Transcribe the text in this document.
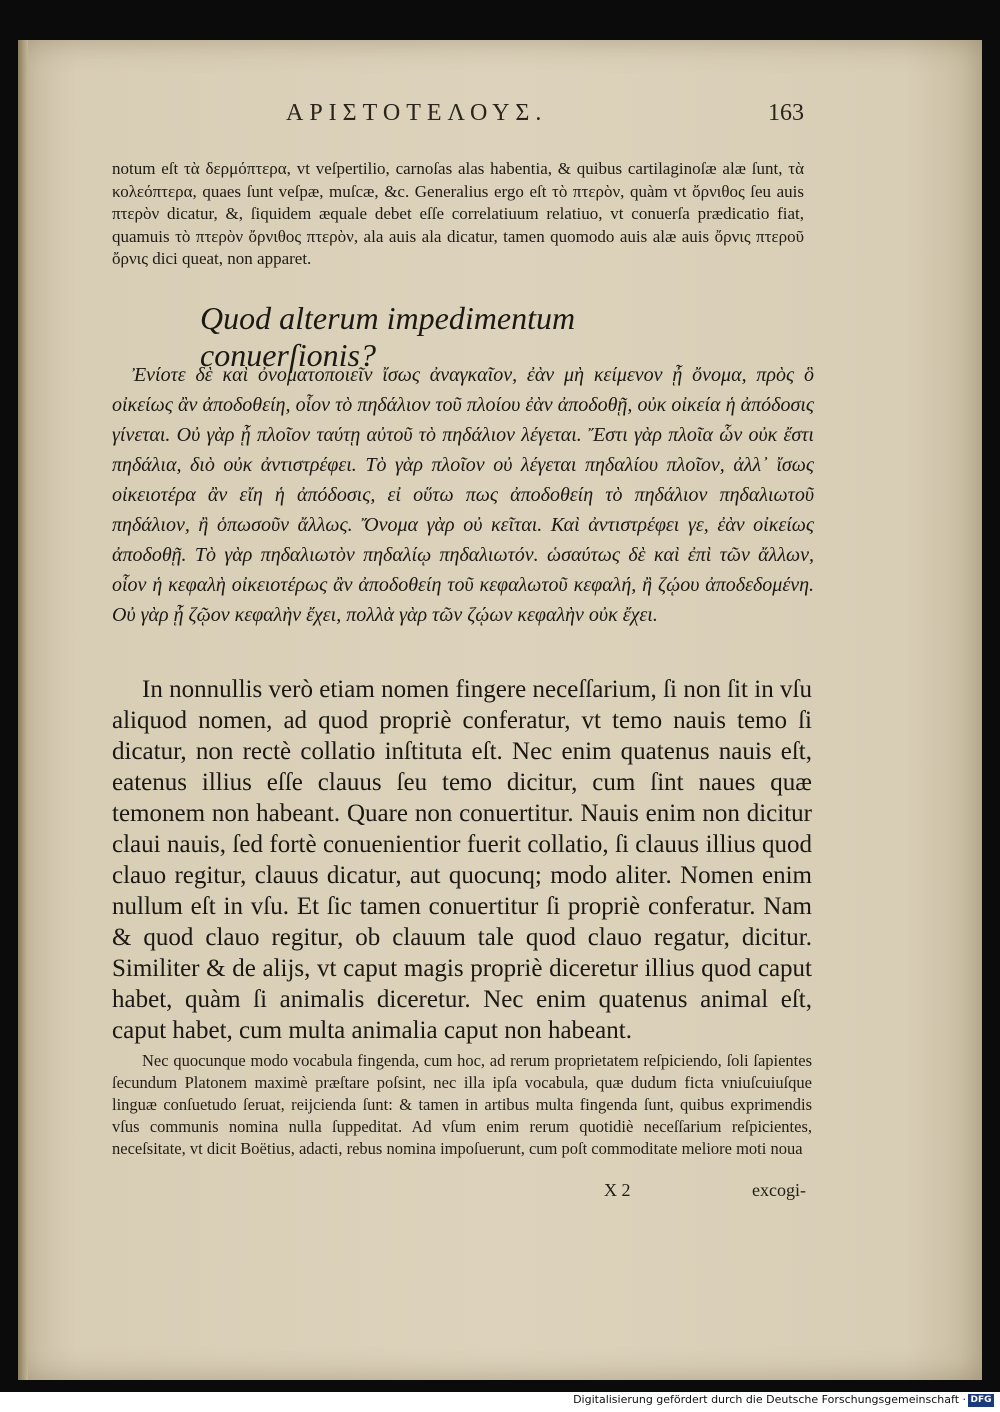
ΑΡΙΣΤΟΤΕΛΟΥΣ.	163
notum eſt τὰ δερμόπτερα, vt veſpertilio, carnoſas alas habentia, & quibus cartilaginoſæ alæ ſunt, τὰ κολεόπτερα, quaes ſunt veſpæ, muſcæ, &c. Generalius ergo eſt τὸ πτερὸν, quàm vt ὄρνιθος ſeu auis πτερὸν dicatur, &, ſiquidem æquale debet eſſe correlatiuum relatiuo, vt conuerſa prædicatio fiat, quamuis τὸ πτερὸν ὄρνιθος πτερὸν, ala auis ala dicatur, tamen quomodo auis alæ auis ὄρνις πτεροῦ ὄρνις dici queat, non apparet.
Quod alterum impedimentum conuerſionis?

Ἐνίοτε δὲ καὶ ὀνοματοποιεῖν ἴσως ἀναγκαῖον, ἐὰν μὴ κείμενον ᾖ ὄνομα, πρὸς ὃ οἰκείως ἂν ἀποδοθείη, οἷον τὸ πηδάλιον τοῦ πλοίου ἐὰν ἀποδοθῇ, οὐκ οἰκεία ἡ ἀπόδοσις γίνεται. Οὐ γὰρ ᾗ πλοῖον ταύτῃ αὐτοῦ τὸ πηδάλιον λέγεται. Ἔστι γὰρ πλοῖα ὧν οὐκ ἔστι πηδάλια, διὸ οὐκ ἀντιστρέφει. Τὸ γὰρ πλοῖον οὐ λέγεται πηδαλίου πλοῖον, ἀλλ᾽ ἴσως οἰκειοτέρα ἂν εἴη ἡ ἀπόδοσις, εἰ οὕτω πως ἀποδοθείη τὸ πηδάλιον πηδαλιωτοῦ πηδάλιον, ἢ ὁπωσοῦν ἄλλως. Ὄνομα γὰρ οὐ κεῖται. Καὶ ἀντιστρέφει γε, ἐὰν οἰκείως ἀποδοθῇ. Τὸ γὰρ πηδαλιωτὸν πηδαλίῳ πηδαλιωτόν. ὡσαύτως δὲ καὶ ἐπὶ τῶν ἄλλων, οἷον ἡ κεφαλὴ οἰκειοτέρως ἂν ἀποδοθείη τοῦ κεφαλωτοῦ κεφαλή, ἢ ζῴου ἀποδεδομένη. Οὐ γὰρ ᾗ ζῷον κεφαλὴν ἔχει, πολλὰ γὰρ τῶν ζῴων κεφαλὴν οὐκ ἔχει.

In nonnullis verò etiam nomen fingere neceſſarium, ſi non ſit in vſu aliquod nomen, ad quod propriè conferatur, vt temo nauis temo ſi dicatur, non rectè collatio inſtituta eſt. Nec enim quatenus nauis eſt, eatenus illius eſſe clauus ſeu temo dicitur, cum ſint naues quæ temonem non habeant. Quare non conuertitur. Nauis enim non dicitur claui nauis, ſed fortè conuenientior fuerit collatio, ſi clauus illius quod clauo regitur, clauus dicatur, aut quocunq; modo aliter. Nomen enim nullum eſt in vſu. Et ſic tamen conuertitur ſi propriè conferatur. Nam & quod clauo regitur, ob clauum tale quod clauo regatur, dicitur. Similiter & de alijs, vt caput magis propriè diceretur illius quod caput habet, quàm ſi animalis diceretur. Nec enim quatenus animal eſt, caput habet, cum multa animalia caput non habeant.

Nec quocunque modo vocabula fingenda, cum hoc, ad rerum proprietatem reſpiciendo, ſoli ſapientes ſecundum Platonem maximè præſtare poſsint, nec illa ipſa vocabula, quæ dudum ficta vniuſcuiuſque linguæ conſuetudo ſeruat, reijcienda ſunt: & tamen in artibus multa fingenda ſunt, quibus exprimendis vſus communis nomina nulla ſuppeditat. Ad vſum enim rerum quotidiè neceſſarium reſpicientes, neceſsitate, vt dicit Boëtius, adacti, rebus nomina impoſuerunt, cum poſt commoditate meliore moti noua

X 2	excogi-
Digitalisierung gefördert durch die Deutsche Forschungsgemeinschaft · DFG
